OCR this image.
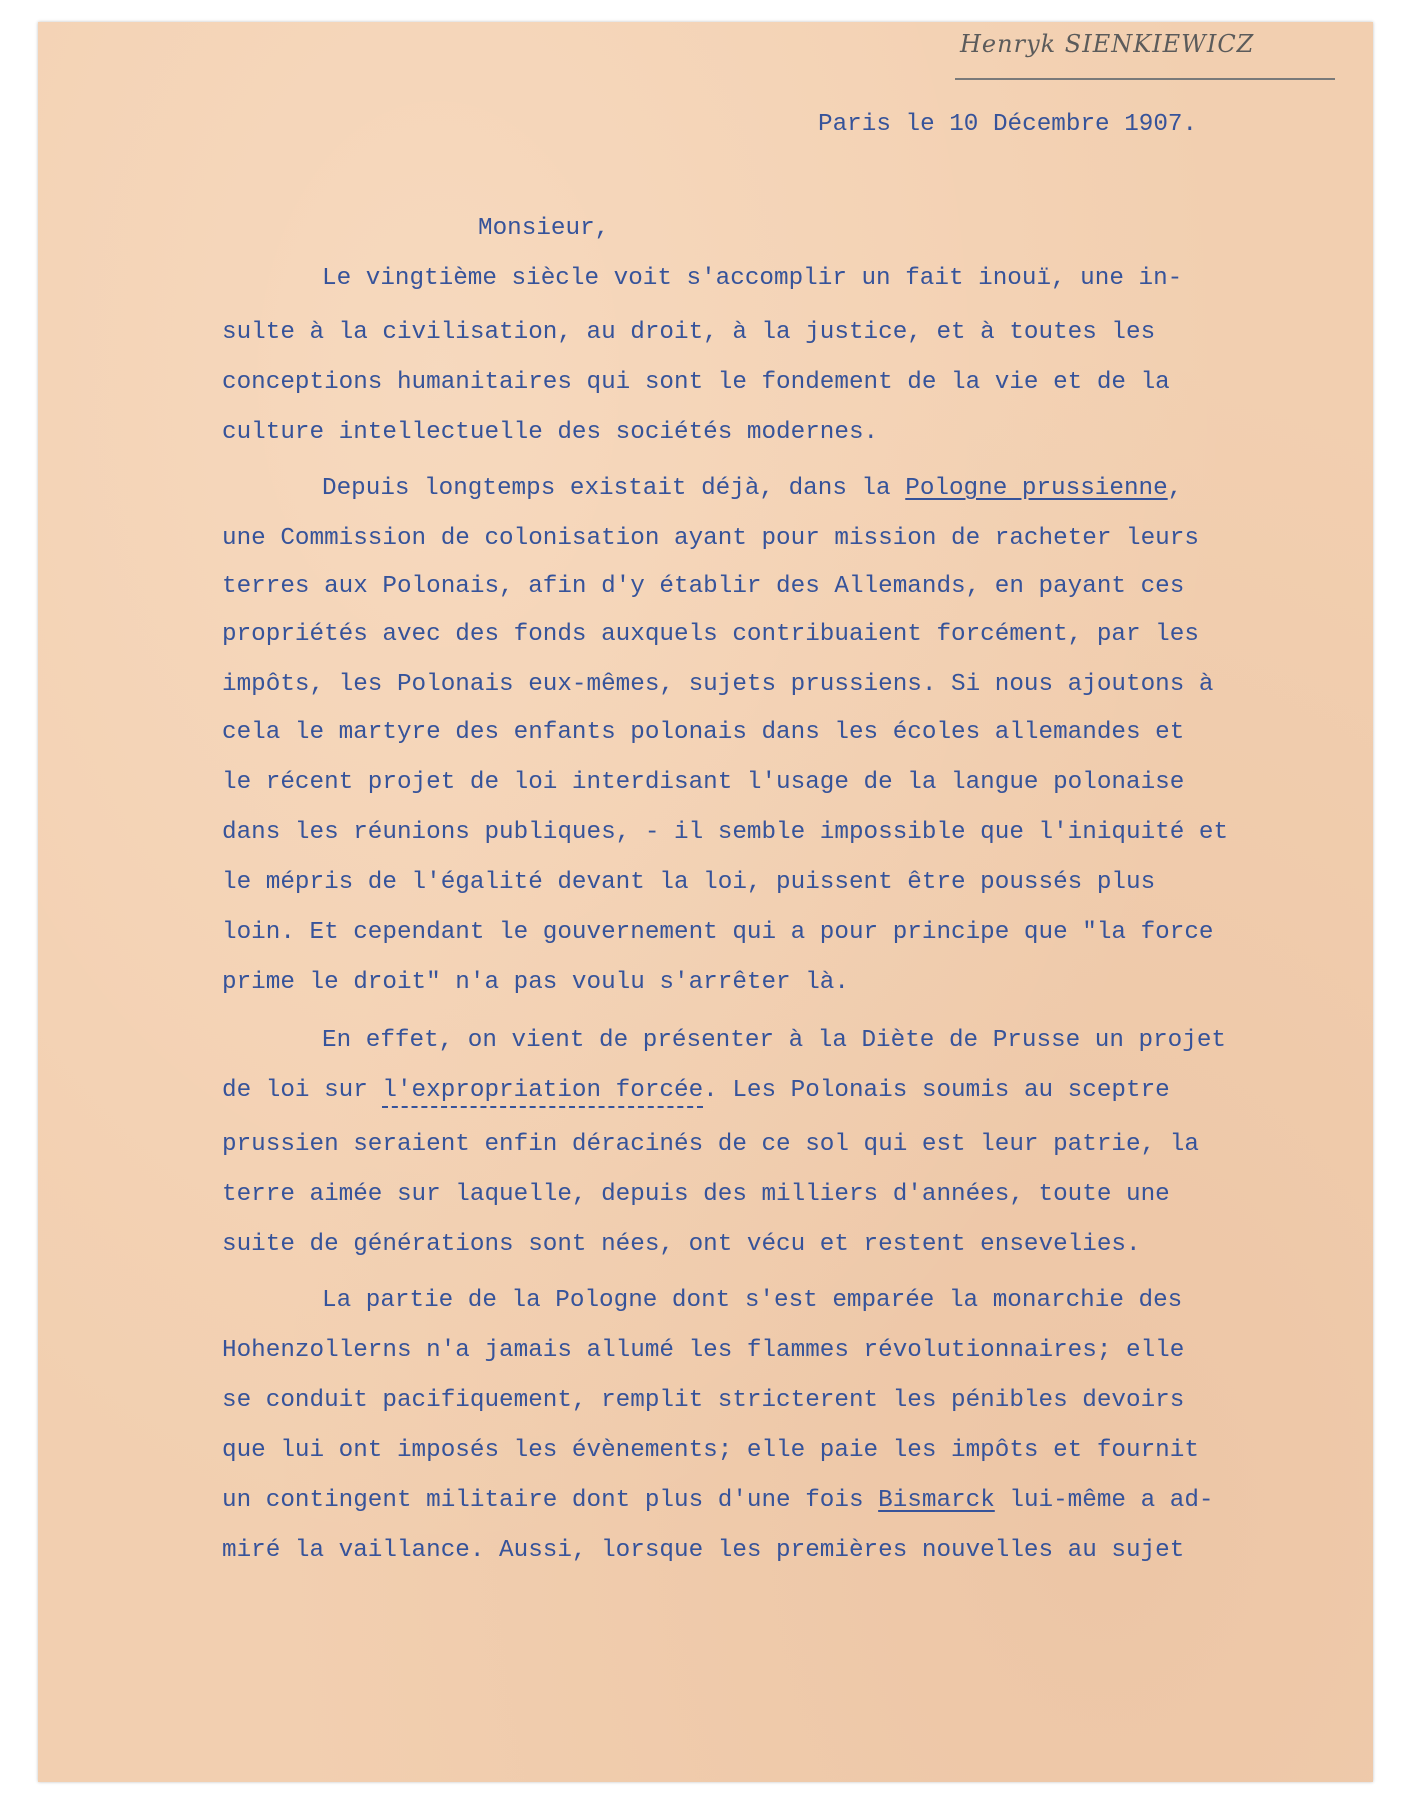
Henryk SIENKIEWICZ
Paris le 10 Décembre 1907.
Monsieur,
Le vingtième siècle voit s'accomplir un fait inouï, une in-
sulte à la civilisation, au droit, à la justice, et à toutes les
conceptions humanitaires qui sont le fondement de la vie et de la
culture intellectuelle des sociétés modernes.
Depuis longtemps existait déjà, dans la Pologne prussienne,
une Commission de colonisation ayant pour mission de racheter leurs
terres aux Polonais, afin d'y établir des Allemands, en payant ces
propriétés avec des fonds auxquels contribuaient forcément, par les
impôts, les Polonais eux-mêmes, sujets prussiens. Si nous ajoutons à
cela le martyre des enfants polonais dans les écoles allemandes et
le récent projet de loi interdisant l'usage de la langue polonaise
dans les réunions publiques, - il semble impossible que l'iniquité et
le mépris de l'égalité devant la loi, puissent être poussés plus
loin. Et cependant le gouvernement qui a pour principe que "la force
prime le droit" n'a pas voulu s'arrêter là.
En effet, on vient de présenter à la Diète de Prusse un projet
de loi sur l'expropriation forcée. Les Polonais soumis au sceptre
prussien seraient enfin déracinés de ce sol qui est leur patrie, la
terre aimée sur laquelle, depuis des milliers d'années, toute une
suite de générations sont nées, ont vécu et restent ensevelies.
La partie de la Pologne dont s'est emparée la monarchie des
Hohenzollerns n'a jamais allumé les flammes révolutionnaires; elle
se conduit pacifiquement, remplit stricterent les pénibles devoirs
que lui ont imposés les évènements; elle paie les impôts et fournit
un contingent militaire dont plus d'une fois Bismarck lui-même a ad-
miré la vaillance. Aussi, lorsque les premières nouvelles au sujet
